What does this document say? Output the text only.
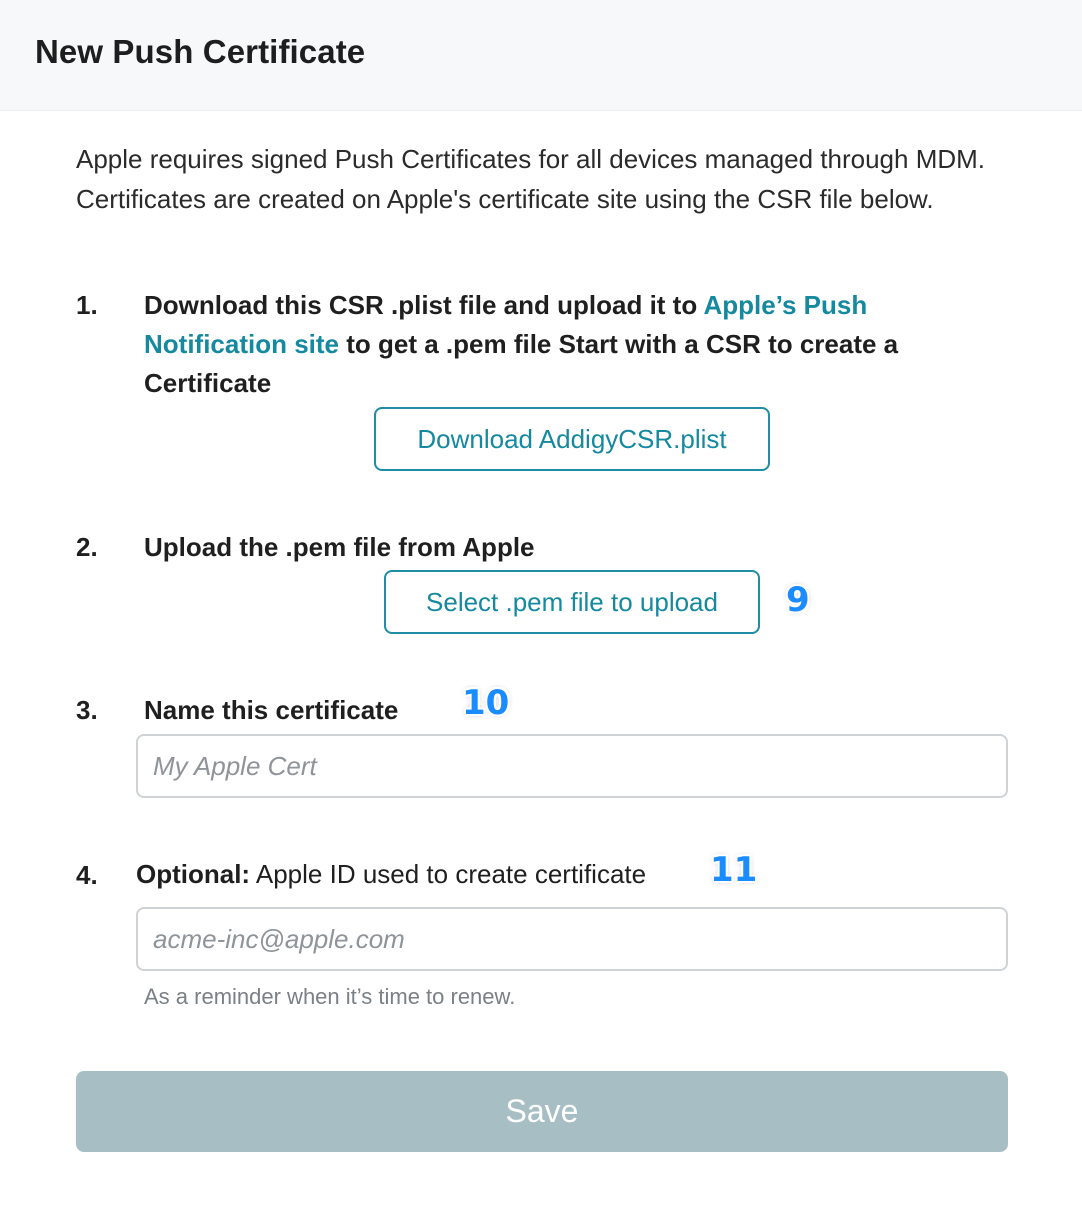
New Push Certificate
Apple requires signed Push Certificates for all devices managed through MDM. Certificates are created on Apple's certificate site using the CSR file below.
1. Download this CSR .plist file and upload it to Apple’s Push Notification site to get a .pem file Start with a CSR to create a Certificate
Download AddigyCSR.plist
2. Upload the .pem file from Apple
Select .pem file to upload	9
3. Name this certificate 10
My Apple Cert
4. Optional: Apple ID used to create certificate 11
acme-inc@apple.com
As a reminder when it’s time to renew.
Save
